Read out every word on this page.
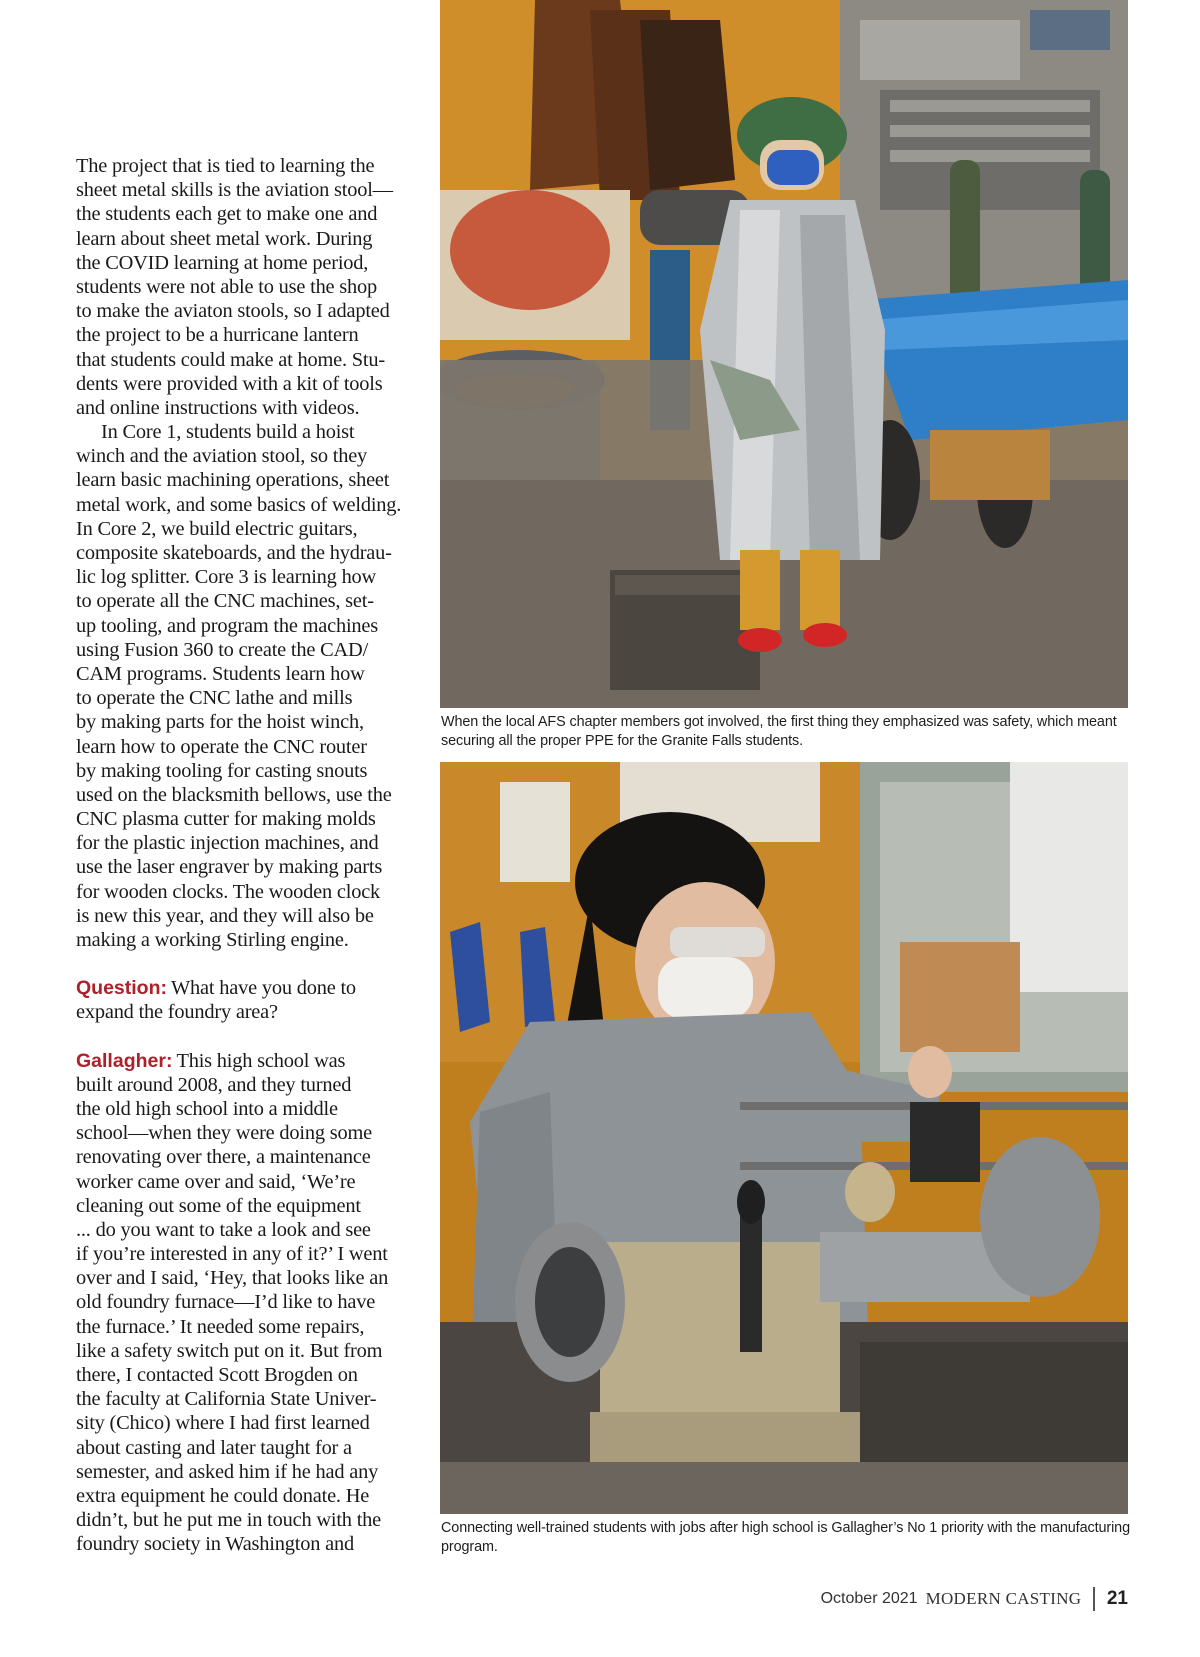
The project that is tied to learning the
sheet metal skills is the aviation stool—
the students each get to make one and
learn about sheet metal work. During
the COVID learning at home period,
students were not able to use the shop
to make the aviaton stools, so I adapted
the project to be a hurricane lantern
that students could make at home. Stu-
dents were provided with a kit of tools
and online instructions with videos.
In Core 1, students build a hoist
winch and the aviation stool, so they
learn basic machining operations, sheet
metal work, and some basics of welding.
In Core 2, we build electric guitars,
composite skateboards, and the hydrau-
lic log splitter. Core 3 is learning how
to operate all the CNC machines, set-
up tooling, and program the machines
using Fusion 360 to create the CAD/
CAM programs. Students learn how
to operate the CNC lathe and mills
by making parts for the hoist winch,
learn how to operate the CNC router
by making tooling for casting snouts
used on the blacksmith bellows, use the
CNC plasma cutter for making molds
for the plastic injection machines, and
use the laser engraver by making parts
for wooden clocks. The wooden clock
is new this year, and they will also be
making a working Stirling engine.
Question: What have you done to
expand the foundry area?
Gallagher: This high school was
built around 2008, and they turned
the old high school into a middle
school—when they were doing some
renovating over there, a maintenance
worker came over and said, ‘We’re
cleaning out some of the equipment
... do you want to take a look and see
if you’re interested in any of it?’ I went
over and I said, ‘Hey, that looks like an
old foundry furnace—I’d like to have
the furnace.’ It needed some repairs,
like a safety switch put on it. But from
there, I contacted Scott Brogden on
the faculty at California State Univer-
sity (Chico) where I had first learned
about casting and later taught for a
semester, and asked him if he had any
extra equipment he could donate. He
didn’t, but he put me in touch with the
foundry society in Washington and
When the local AFS chapter members got involved, the first thing they emphasized was safety, which meant securing all the proper PPE for the Granite Falls students.
Connecting well-trained students with jobs after high school is Gallagher’s No 1 priority with the manufacturing program.
October 2021 MODERN CASTING 21
